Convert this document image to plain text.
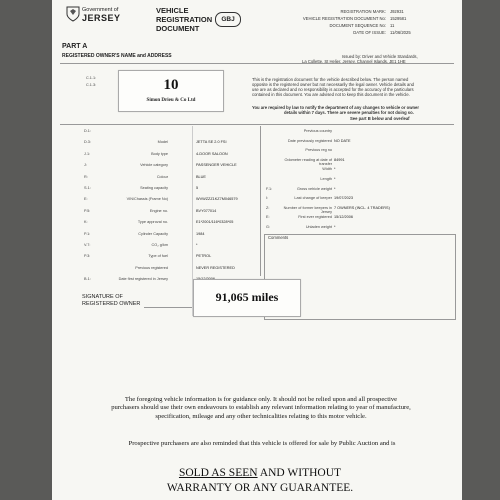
Government of
JERSEY
VEHICLE
REGISTRATION
DOCUMENT
GBJ
REGISTRATION MARK: J92931
VEHICLE REGISTRATION DOCUMENT No: 1529581
DOCUMENT SEQUENCE No: 11
DATE OF ISSUE: 11/06/2025
PART A
REGISTERED OWNER'S NAME and ADDRESS	Issued by: Driver and Vehicle Standards,
La Collette, St Helier, Jersey, Channel Islands, JE1 1HE
C.1.1:
C.1.3:
This is the registration document for the vehicle described below. The person named
opposite is the registered owner but not necessarily the legal owner. Vehicle details and
use are as declared and no responsibility is accepted for the accuracy of the particulars
contained in this document. You are advised not to keep this document in the vehicle.
You are required by law to notify the department of any changes to vehicle or owner
details within 7 days. There are severe penalties for not doing so.
See part B below and overleaf
10
Simon Drieu & Co Ltd
D.1:
D.3:	Model	JETTA SE 2.0 FSI
J.1:	Body type	4-DOOR SALOON
J:	Vehicle category	PASSENGER VEHICLE
R:	Colour	BLUE
S.1:	Seating capacity	5
E:	VIN/Chassis (Frame No)	WVWZZZ1KZ7M046579
P.5:	Engine no.	BVY077014
K:	Type approval no.	E1*2001/116*0328*05
P.1:	Cylinder Capacity	1984
V.7:	CO₂ g/km	*
P.3:	Type of fuel	PETROL
Previous registered	NEVER REGISTERED
B.1:	Date first registered in Jersey
Previous country
Date previously registered NO DATE
Previous reg no
Odometer reading at date of transfer
84991
Width *
Length *
F.1:	Gross vehicle weight *
I:	Last change of keeper 19/07/2023
Z:	Number of former keepers in Jersey
7 OWNERS (INCL. 4 TRADERS)
E:	First ever registered 15/12/2006
G:	Unladen weight *
Comments
SIGNATURE OF
REGISTERED OWNER	91,065 miles
The foregoing vehicle information is for guidance only. It should not be relied upon and all prospective purchasers should use their own endeavours to establish any relevant information relating to year of manufacture, specification, mileage and any other technicalities relating to this motor vehicle.
Prospective purchasers are also reminded that this vehicle is offered for sale by Public Auction and is
SOLD AS SEEN AND WITHOUT
WARRANTY OR ANY GUARANTEE.
